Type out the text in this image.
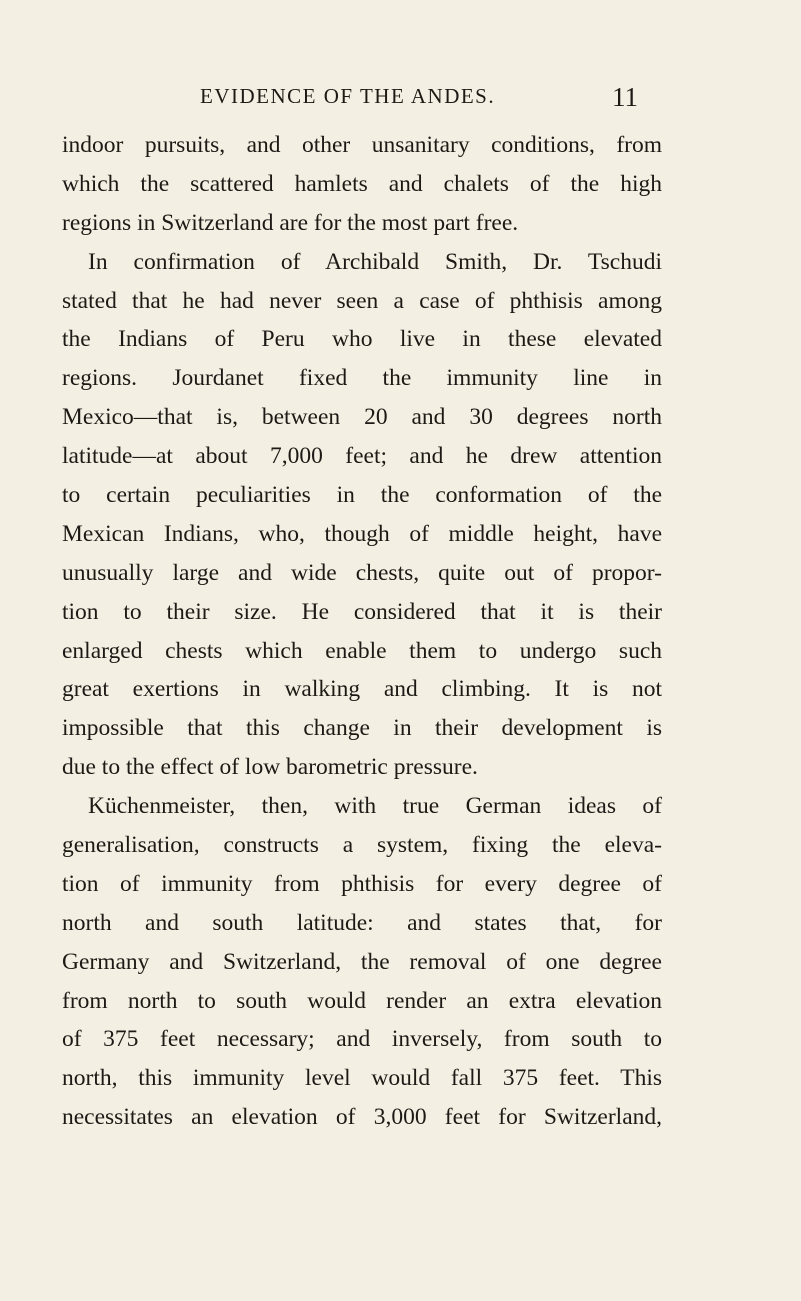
EVIDENCE OF THE ANDES.	11
indoor pursuits, and other unsanitary conditions, from
which the scattered hamlets and chalets of the high
regions in Switzerland are for the most part free.
In confirmation of Archibald Smith, Dr. Tschudi
stated that he had never seen a case of phthisis among
the Indians of Peru who live in these elevated
regions. Jourdanet fixed the immunity line in
Mexico—that is, between 20 and 30 degrees north
latitude—at about 7,000 feet; and he drew attention
to certain peculiarities in the conformation of the
Mexican Indians, who, though of middle height, have
unusually large and wide chests, quite out of propor-
tion to their size. He considered that it is their
enlarged chests which enable them to undergo such
great exertions in walking and climbing. It is not
impossible that this change in their development is
due to the effect of low barometric pressure.
Küchenmeister, then, with true German ideas of
generalisation, constructs a system, fixing the eleva-
tion of immunity from phthisis for every degree of
north and south latitude: and states that, for
Germany and Switzerland, the removal of one degree
from north to south would render an extra elevation
of 375 feet necessary; and inversely, from south to
north, this immunity level would fall 375 feet. This
necessitates an elevation of 3,000 feet for Switzerland,
